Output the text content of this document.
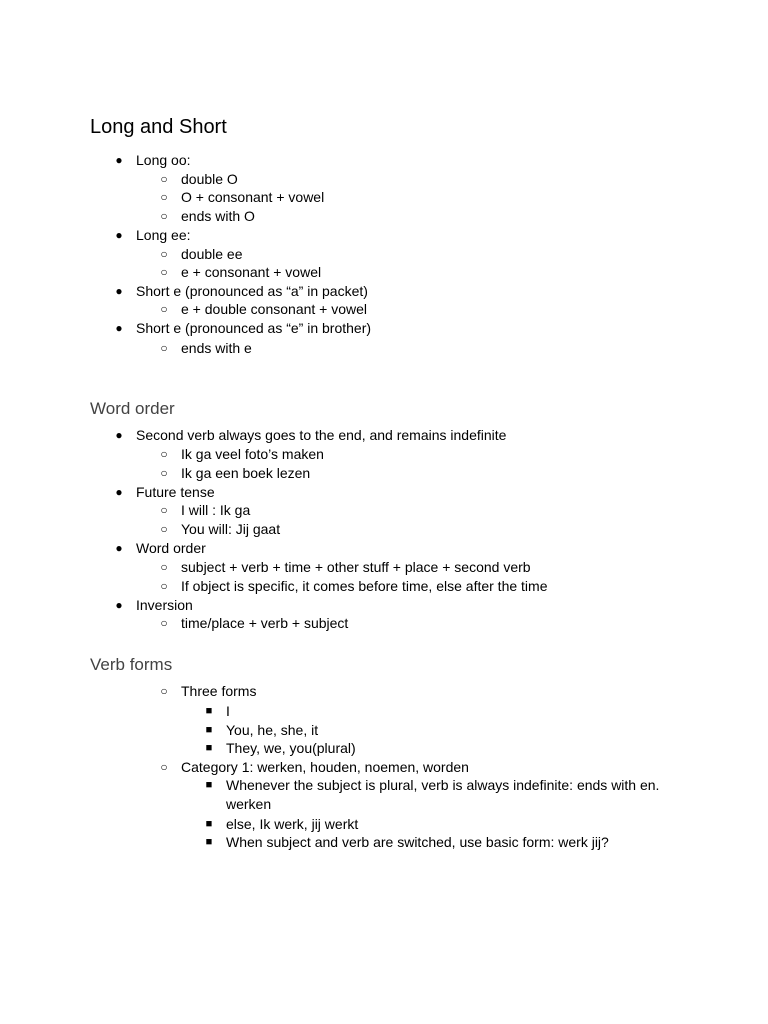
Long and Short
● Long oo:
○ double O
○ O + consonant + vowel
○ ends with O
● Long ee:
○ double ee
○ e + consonant + vowel
● Short e (pronounced as “a” in packet)
○ e + double consonant + vowel
● Short e (pronounced as “e” in brother)
○ ends with e
Word order
● Second verb always goes to the end, and remains indefinite
○ Ik ga veel foto’s maken
○ Ik ga een boek lezen
● Future tense
○ I will : Ik ga
○ You will: Jij gaat
● Word order
○ subject + verb + time + other stuff + place + second verb
○ If object is specific, it comes before time, else after the time
● Inversion
○ time/place + verb + subject
Verb forms
○ Three forms
■ I
■ You, he, she, it
■ They, we, you(plural)
○ Category 1: werken, houden, noemen, worden
■ Whenever the subject is plural, verb is always indefinite: ends with en. werken
■ else, Ik werk, jij werkt
■ When subject and verb are switched, use basic form: werk jij?
